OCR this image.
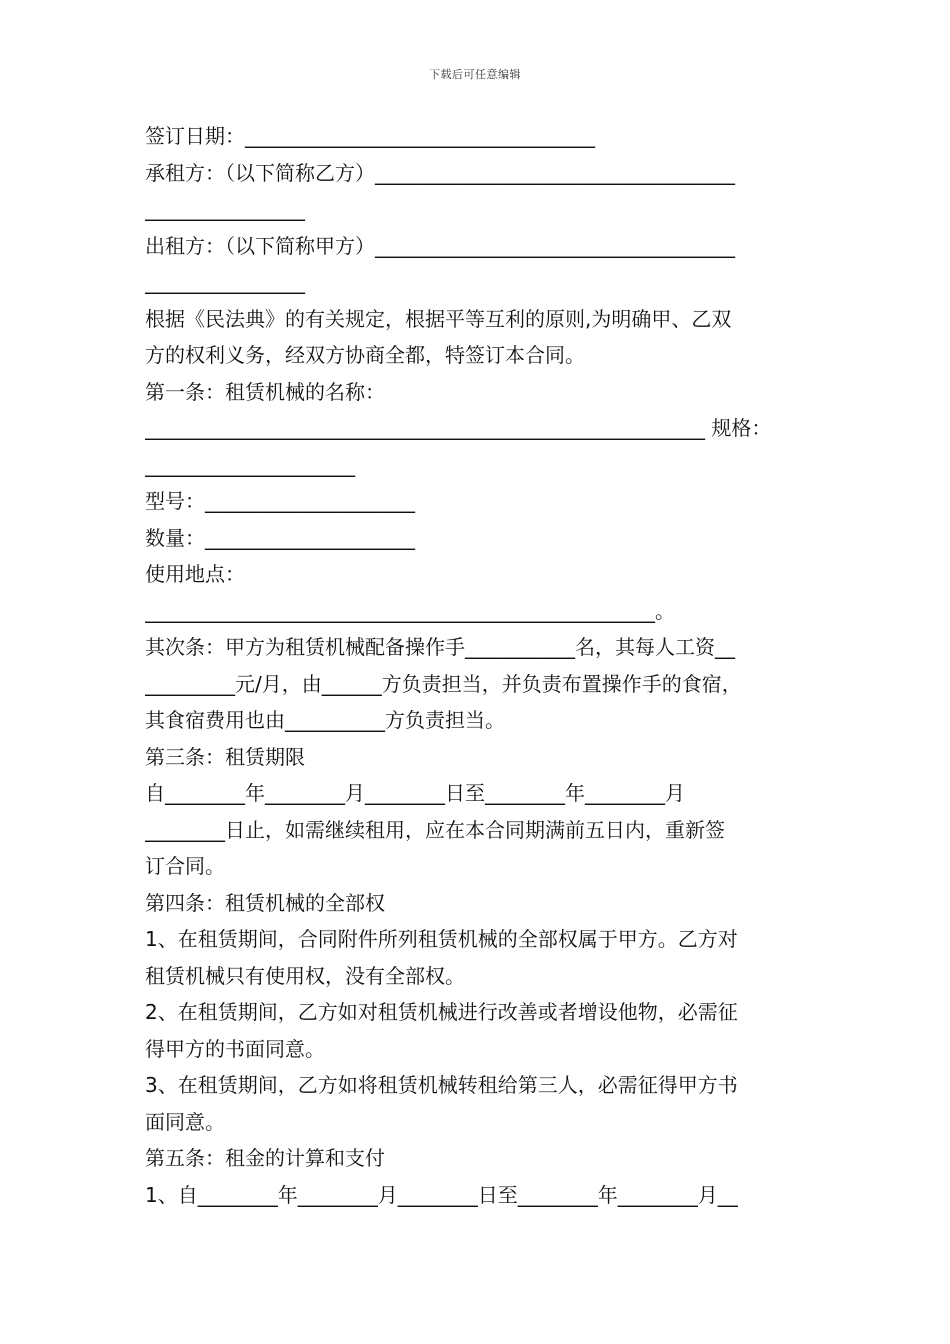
下载后可任意编辑
签订日期：___________________________________
承租方：（以下简称乙方）____________________________________
________________
出租方：（以下简称甲方）____________________________________
________________
根据《民法典》的有关规定，根据平等互利的原则,为明确甲、乙双
方的权利义务，经双方协商全都，特签订本合同。
第一条：租赁机械的名称：
________________________________________________________ 规格：
_____________________
型号：_____________________
数量：_____________________
使用地点：
___________________________________________________。
其次条：甲方为租赁机械配备操作手___________名，其每人工资__
_________元/月，由______方负责担当，并负责布置操作手的食宿，
其食宿费用也由__________方负责担当。
第三条：租赁期限
自________年________月________日至________年________月
________日止，如需继续租用，应在本合同期满前五日内，重新签
订合同。
第四条：租赁机械的全部权
1、在租赁期间，合同附件所列租赁机械的全部权属于甲方。乙方对
租赁机械只有使用权，没有全部权。
2、在租赁期间，乙方如对租赁机械进行改善或者增设他物，必需征
得甲方的书面同意。
3、在租赁期间，乙方如将租赁机械转租给第三人，必需征得甲方书
面同意。
第五条：租金的计算和支付
1、自________年________月________日至________年________月__
